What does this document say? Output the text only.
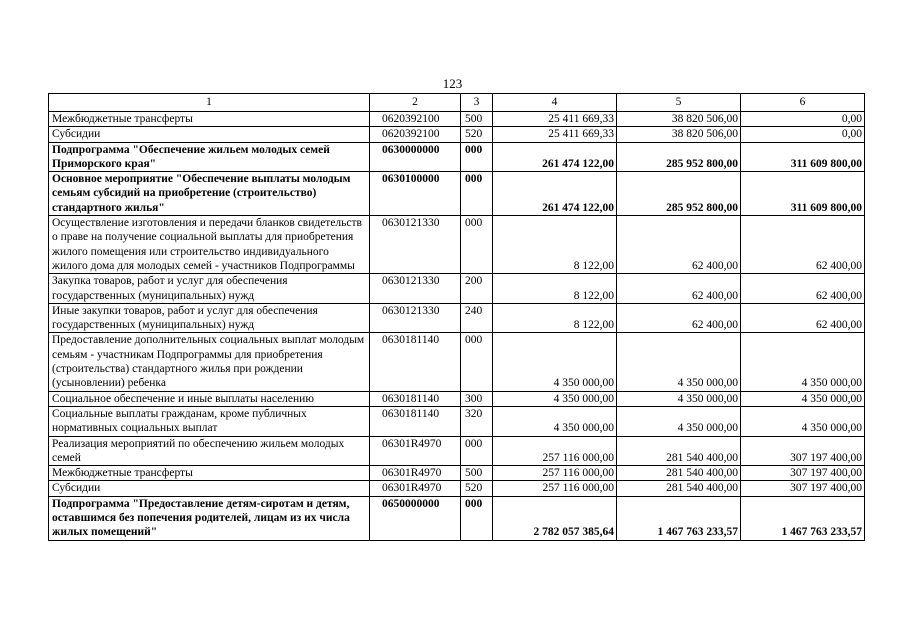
123
1	2	3	4	5	6
Межбюджетные трансферты	0620392100	500	25 411 669,33	38 820 506,00	0,00
Субсидии	0620392100	520	25 411 669,33	38 820 506,00	0,00
Подпрограмма "Обеспечение жильем молодых семей Приморского края"	0630000000	000	261 474 122,00	285 952 800,00	311 609 800,00
Основное мероприятие "Обеспечение выплаты молодым семьям субсидий на приобретение (строительство) стандартного жилья"	0630100000	000	261 474 122,00	285 952 800,00	311 609 800,00
Осуществление изготовления и передачи бланков свидетельств о праве на получение социальной выплаты для приобретения жилого помещения или строительство индивидуального жилого дома для молодых семей - участников Подпрограммы	0630121330	000	8 122,00	62 400,00	62 400,00
Закупка товаров, работ и услуг для обеспечения государственных (муниципальных) нужд	0630121330	200	8 122,00	62 400,00	62 400,00
Иные закупки товаров, работ и услуг для обеспечения государственных (муниципальных) нужд	0630121330	240	8 122,00	62 400,00	62 400,00
Предоставление дополнительных социальных выплат молодым семьям - участникам Подпрограммы для приобретения (строительства) стандартного жилья при рождении (усыновлении) ребенка	0630181140	000	4 350 000,00	4 350 000,00	4 350 000,00
Социальное обеспечение и иные выплаты населению	0630181140	300	4 350 000,00	4 350 000,00	4 350 000,00
Социальные выплаты гражданам, кроме публичных нормативных социальных выплат	0630181140	320	4 350 000,00	4 350 000,00	4 350 000,00
Реализация мероприятий по обеспечению жильем молодых семей	06301R4970	000	257 116 000,00	281 540 400,00	307 197 400,00
Межбюджетные трансферты	06301R4970	500	257 116 000,00	281 540 400,00	307 197 400,00
Субсидии	06301R4970	520	257 116 000,00	281 540 400,00	307 197 400,00
Подпрограмма "Предоставление детям-сиротам и детям, оставшимся без попечения родителей, лицам из их числа жилых помещений"	0650000000	000	2 782 057 385,64	1 467 763 233,57	1 467 763 233,57
